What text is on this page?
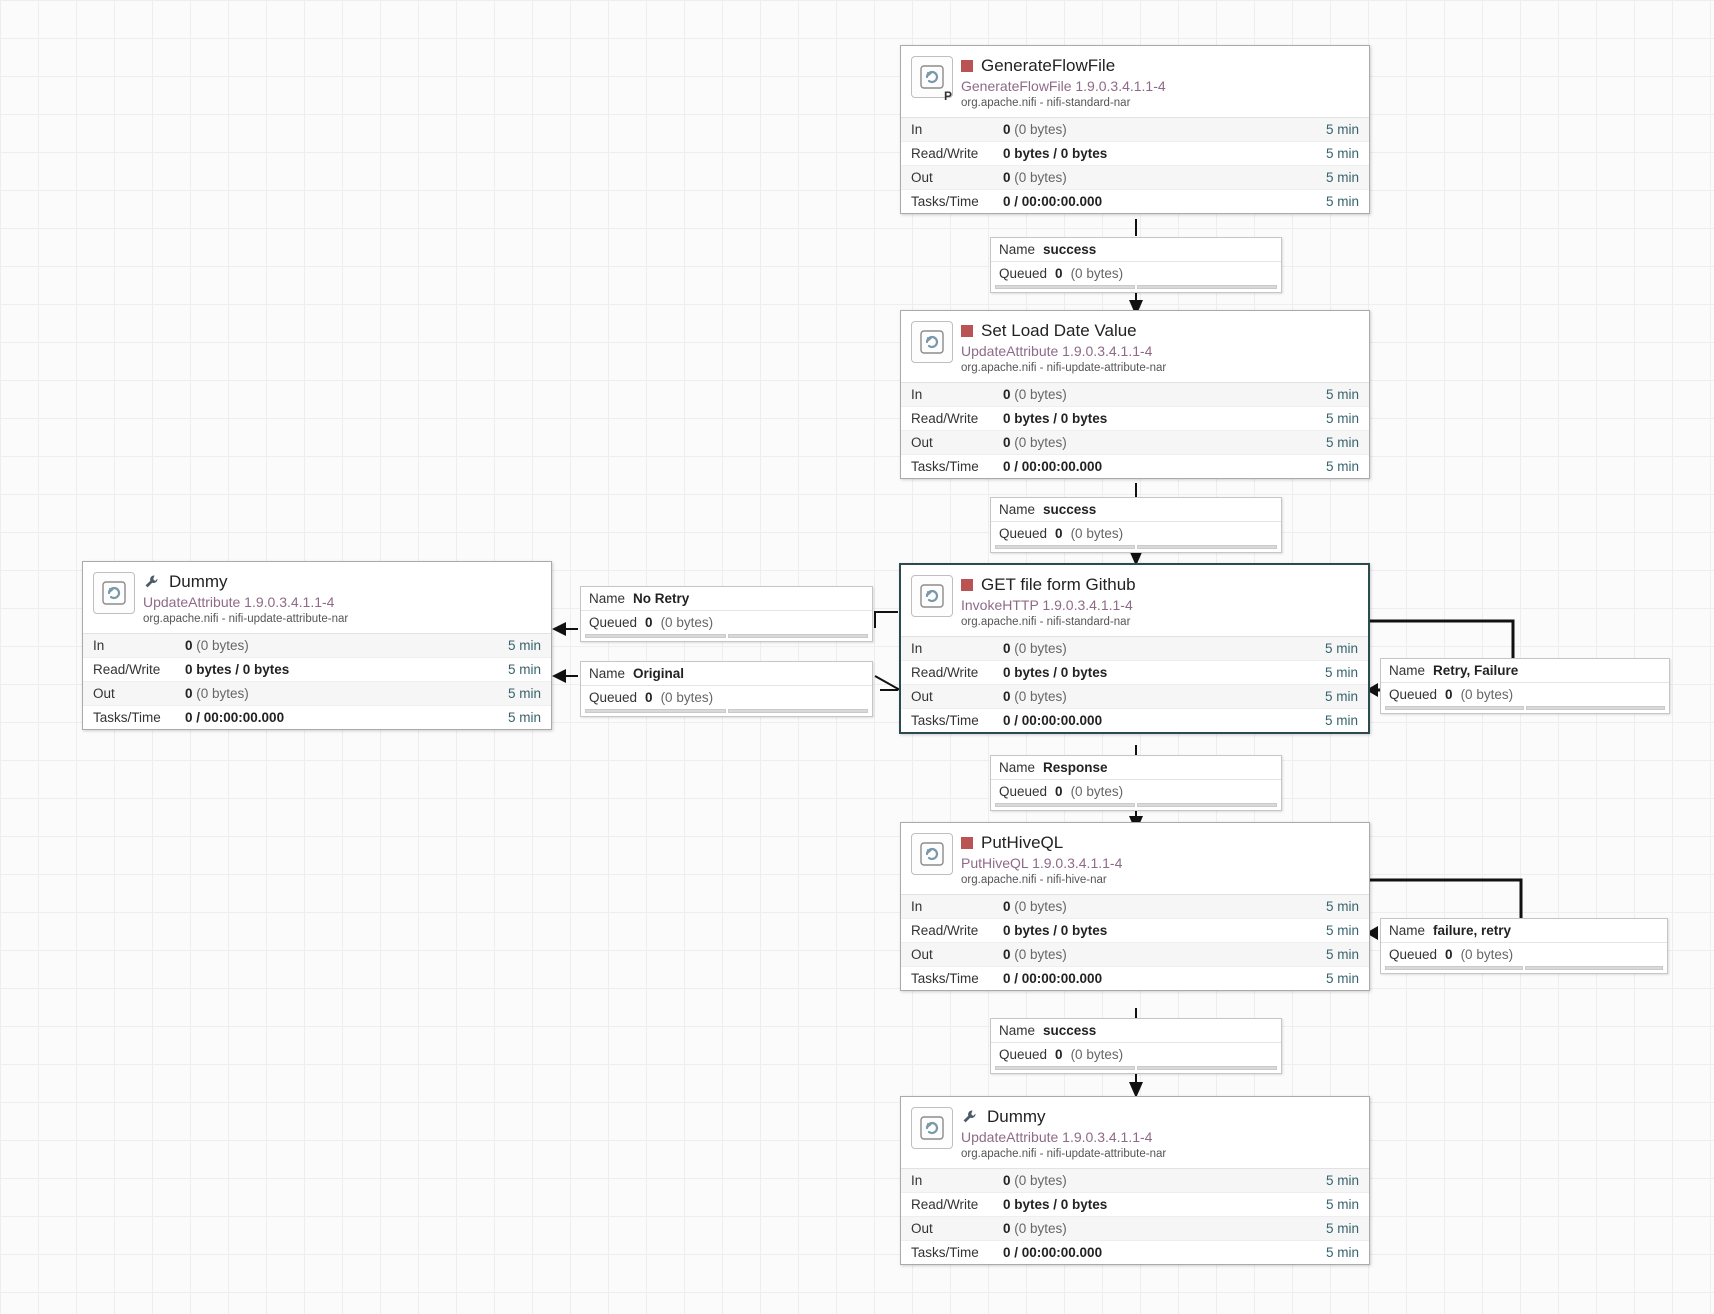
P
GenerateFlowFile
GenerateFlowFile 1.9.0.3.4.1.1-4
org.apache.nifi - nifi-standard-nar
In	0 (0 bytes)	5 min
Read/Write	0 bytes / 0 bytes	5 min
Out	0 (0 bytes)	5 min
Tasks/Time	0 / 00:00:00.000	5 min
Name success
Queued 0 (0 bytes)
Set Load Date Value
UpdateAttribute 1.9.0.3.4.1.1-4
org.apache.nifi - nifi-update-attribute-nar
In	0 (0 bytes)	5 min
Read/Write	0 bytes / 0 bytes	5 min
Out	0 (0 bytes)	5 min
Tasks/Time	0 / 00:00:00.000	5 min
Name success
Queued 0 (0 bytes)
GET file form Github
InvokeHTTP 1.9.0.3.4.1.1-4
org.apache.nifi - nifi-standard-nar
In	0 (0 bytes)	5 min
Read/Write	0 bytes / 0 bytes	5 min
Out	0 (0 bytes)	5 min
Tasks/Time	0 / 00:00:00.000	5 min
Name No Retry
Queued 0 (0 bytes)
Name Original
Queued 0 (0 bytes)
Name Retry, Failure
Queued 0 (0 bytes)
Dummy
UpdateAttribute 1.9.0.3.4.1.1-4
org.apache.nifi - nifi-update-attribute-nar
In	0 (0 bytes)	5 min
Read/Write	0 bytes / 0 bytes	5 min
Out	0 (0 bytes)	5 min
Tasks/Time	0 / 00:00:00.000	5 min
Name Response
Queued 0 (0 bytes)
PutHiveQL
PutHiveQL 1.9.0.3.4.1.1-4
org.apache.nifi - nifi-hive-nar
In	0 (0 bytes)	5 min
Read/Write	0 bytes / 0 bytes	5 min
Out	0 (0 bytes)	5 min
Tasks/Time	0 / 00:00:00.000	5 min
Name failure, retry
Queued 0 (0 bytes)
Name success
Queued 0 (0 bytes)
Dummy
UpdateAttribute 1.9.0.3.4.1.1-4
org.apache.nifi - nifi-update-attribute-nar
In	0 (0 bytes)	5 min
Read/Write	0 bytes / 0 bytes	5 min
Out	0 (0 bytes)	5 min
Tasks/Time	0 / 00:00:00.000	5 min
